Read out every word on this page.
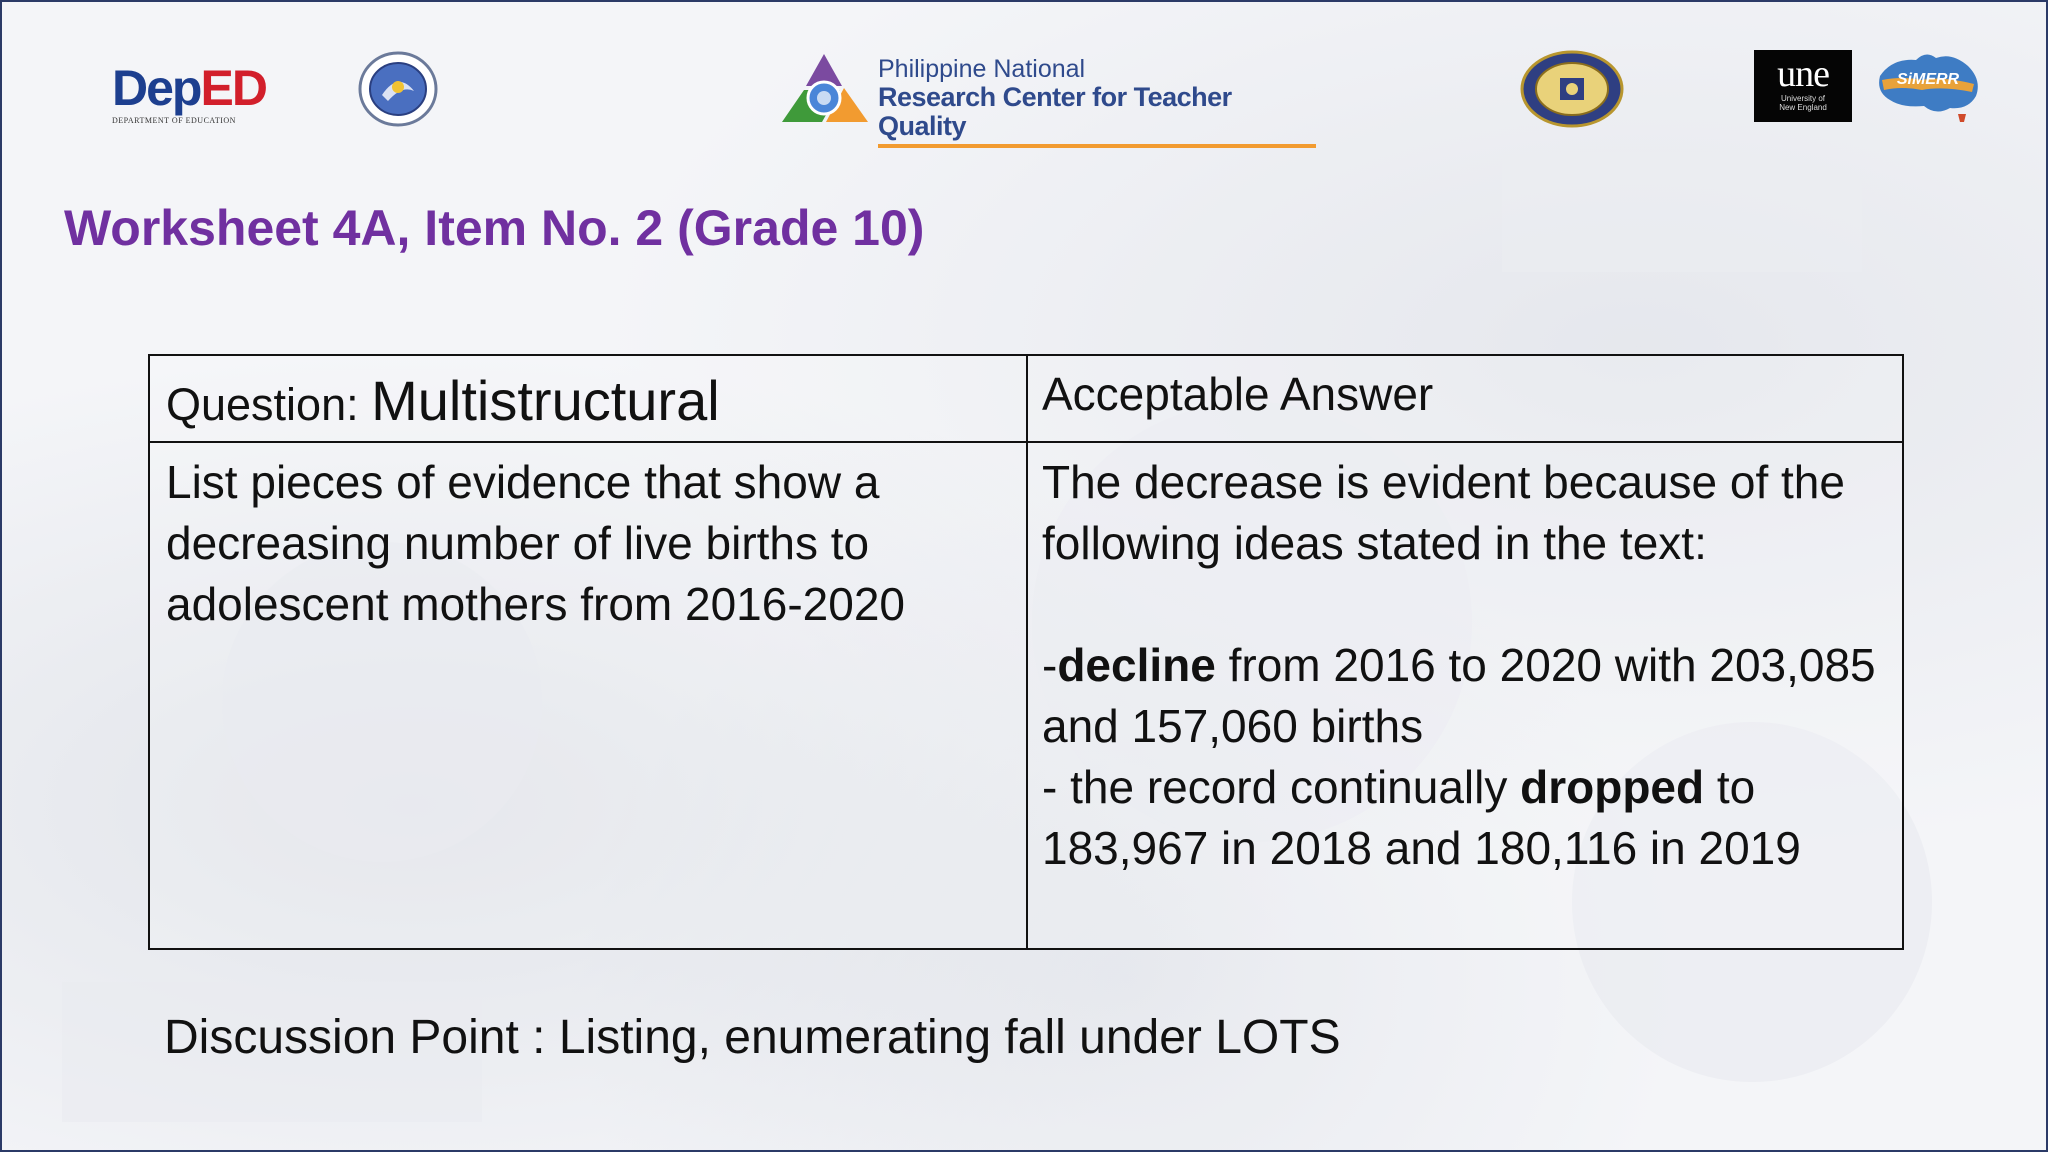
DepED
DEPARTMENT OF EDUCATION
Philippine National
Research Center for Teacher Quality
une
University of
New England
SiMERR
Worksheet 4A, Item No. 2 (Grade 10)
Question: Multistructural	Acceptable Answer
List pieces of evidence that show a decreasing number of live births to adolescent mothers from 2016-2020
The decrease is evident because of the following ideas stated in the text:
-decline from 2016 to 2020 with 203,085 and 157,060 births
- the record continually dropped to 183,967 in 2018 and 180,116 in 2019
Discussion Point : Listing, enumerating fall under LOTS
